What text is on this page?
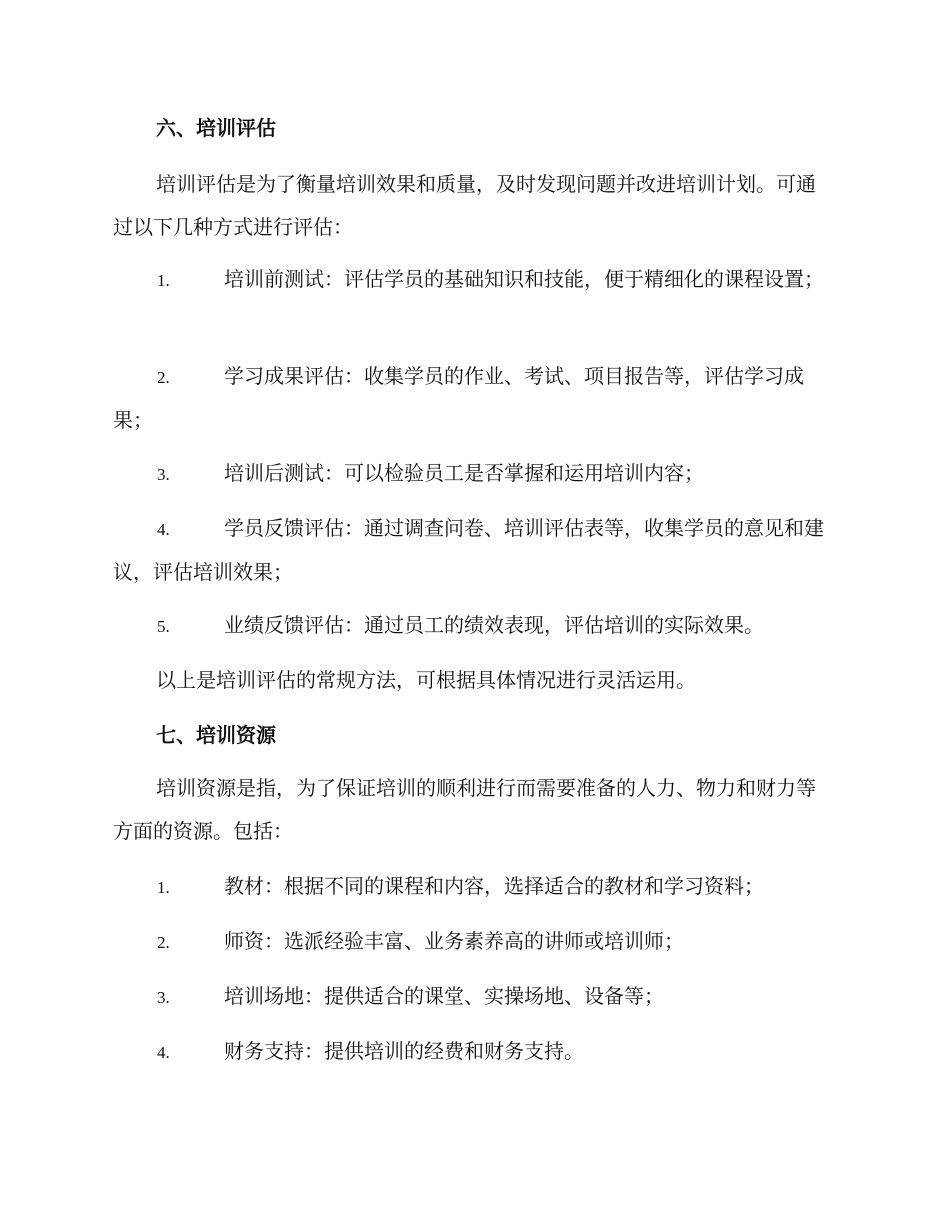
六、培训评估
培训评估是为了衡量培训效果和质量，及时发现问题并改进培训计划。可通过以下几种方式进行评估：
1.	培训前测试：评估学员的基础知识和技能，便于精细化的课程设置；
2.	学习成果评估：收集学员的作业、考试、项目报告等，评估学习成果；
3.	培训后测试：可以检验员工是否掌握和运用培训内容；
4.	学员反馈评估：通过调查问卷、培训评估表等，收集学员的意见和建议，评估培训效果；
5.	业绩反馈评估：通过员工的绩效表现，评估培训的实际效果。
以上是培训评估的常规方法，可根据具体情况进行灵活运用。
七、培训资源
培训资源是指，为了保证培训的顺利进行而需要准备的人力、物力和财力等方面的资源。包括：
1.	教材：根据不同的课程和内容，选择适合的教材和学习资料；
2.	师资：选派经验丰富、业务素养高的讲师或培训师；
3.	培训场地：提供适合的课堂、实操场地、设备等；
4.	财务支持：提供培训的经费和财务支持。
